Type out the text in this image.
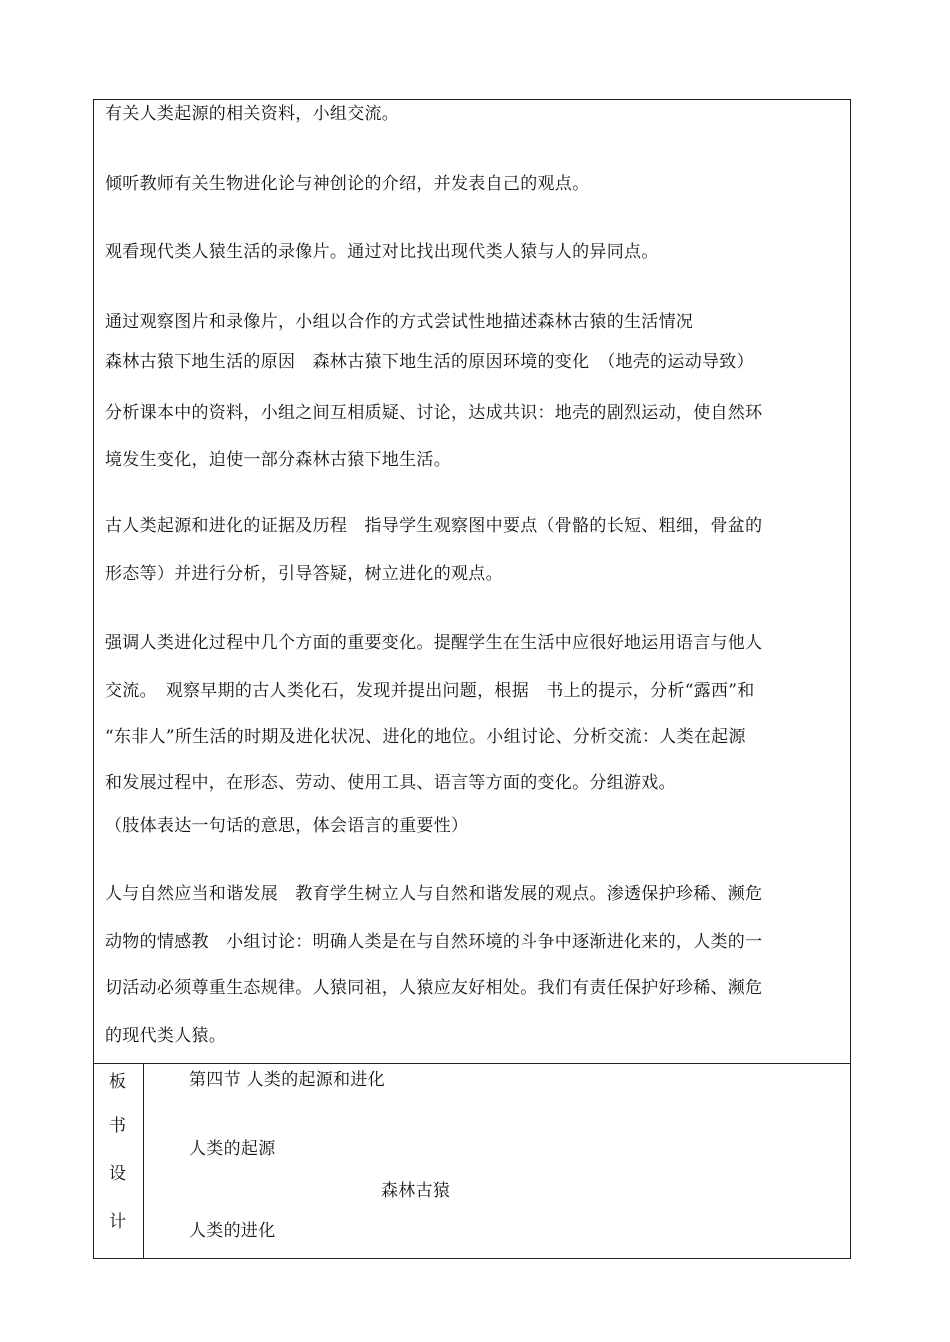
有关人类起源的相关资料，小组交流。
倾听教师有关生物进化论与神创论的介绍，并发表自己的观点。
观看现代类人猿生活的录像片。通过对比找出现代类人猿与人的异同点。
通过观察图片和录像片，小组以合作的方式尝试性地描述森林古猿的生活情况
森林古猿下地生活的原因　森林古猿下地生活的原因环境的变化　（地壳的运动导致）
分析课本中的资料，小组之间互相质疑、讨论，达成共识：地壳的剧烈运动，使自然环
境发生变化，迫使一部分森林古猿下地生活。
古人类起源和进化的证据及历程　指导学生观察图中要点（骨骼的长短、粗细，骨盆的
形态等）并进行分析，引导答疑，树立进化的观点。
强调人类进化过程中几个方面的重要变化。提醒学生在生活中应很好地运用语言与他人
交流。　观察早期的古人类化石，发现并提出问题，根据　书上的提示，分析“露西”和
“东非人”所生活的时期及进化状况、进化的地位。小组讨论、分析交流：人类在起源
和发展过程中，在形态、劳动、使用工具、语言等方面的变化。分组游戏。
（肢体表达一句话的意思，体会语言的重要性）
人与自然应当和谐发展　教育学生树立人与自然和谐发展的观点。渗透保护珍稀、濒危
动物的情感教　小组讨论：明确人类是在与自然环境的斗争中逐渐进化来的，人类的一
切活动必须尊重生态规律。人猿同祖，人猿应友好相处。我们有责任保护好珍稀、濒危
的现代类人猿。
板
书
设
计
第四节 人类的起源和进化
人类的起源
森林古猿
人类的进化
